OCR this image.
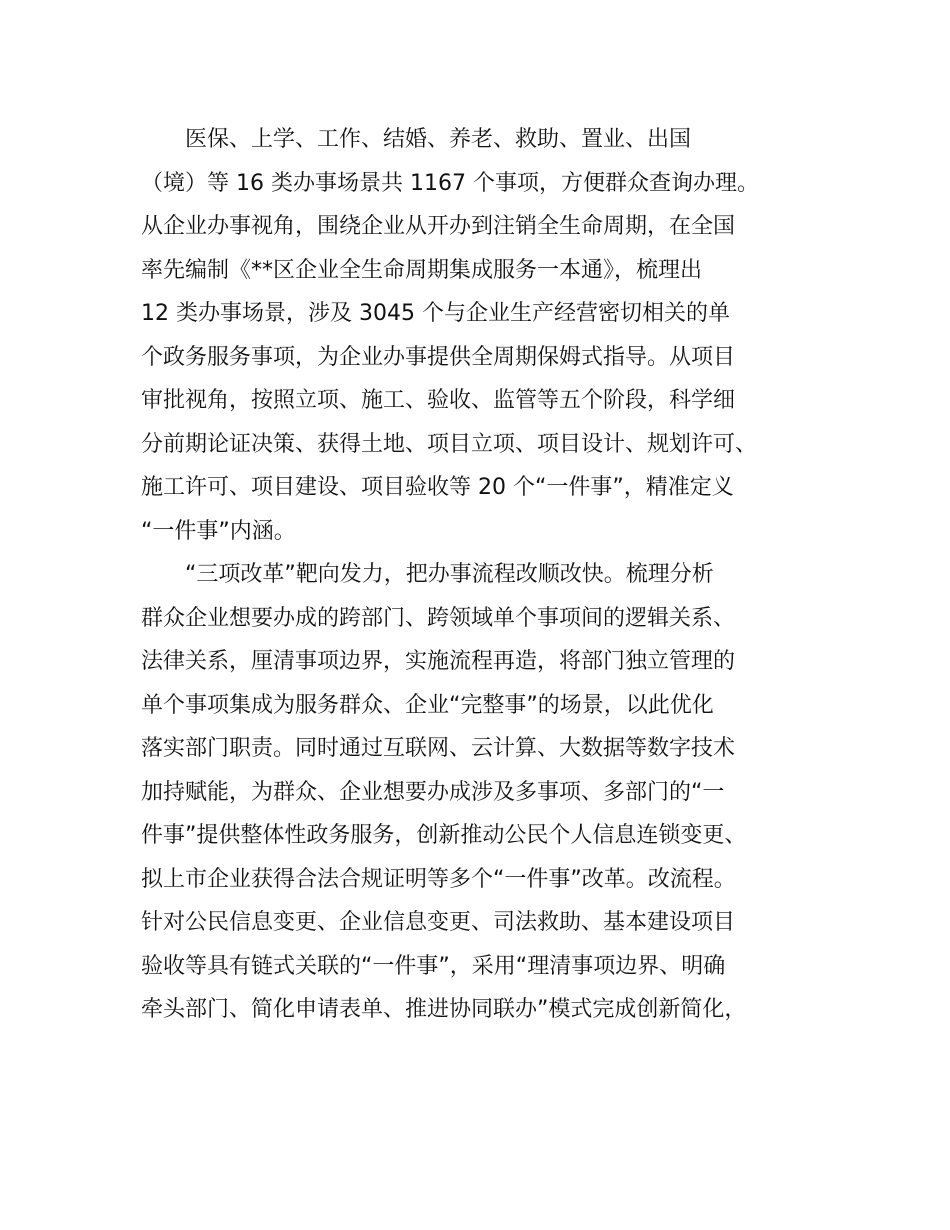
医保、上学、工作、结婚、养老、救助、置业、出国
（境）等 16 类办事场景共 1167 个事项，方便群众查询办理。
从企业办事视角，围绕企业从开办到注销全生命周期，在全国
率先编制《**区企业全生命周期集成服务一本通》，梳理出
12 类办事场景，涉及 3045 个与企业生产经营密切相关的单
个政务服务事项，为企业办事提供全周期保姆式指导。从项目
审批视角，按照立项、施工、验收、监管等五个阶段，科学细
分前期论证决策、获得土地、项目立项、项目设计、规划许可、
施工许可、项目建设、项目验收等 20 个“一件事”，精准定义
“一件事”内涵。
“三项改革”靶向发力，把办事流程改顺改快。梳理分析
群众企业想要办成的跨部门、跨领域单个事项间的逻辑关系、
法律关系，厘清事项边界，实施流程再造，将部门独立管理的
单个事项集成为服务群众、企业“完整事”的场景，以此优化
落实部门职责。同时通过互联网、云计算、大数据等数字技术
加持赋能，为群众、企业想要办成涉及多事项、多部门的“一
件事”提供整体性政务服务，创新推动公民个人信息连锁变更、
拟上市企业获得合法合规证明等多个“一件事”改革。改流程。
针对公民信息变更、企业信息变更、司法救助、基本建设项目
验收等具有链式关联的“一件事”，采用“理清事项边界、明确
牵头部门、简化申请表单、推进协同联办”模式完成创新简化，
